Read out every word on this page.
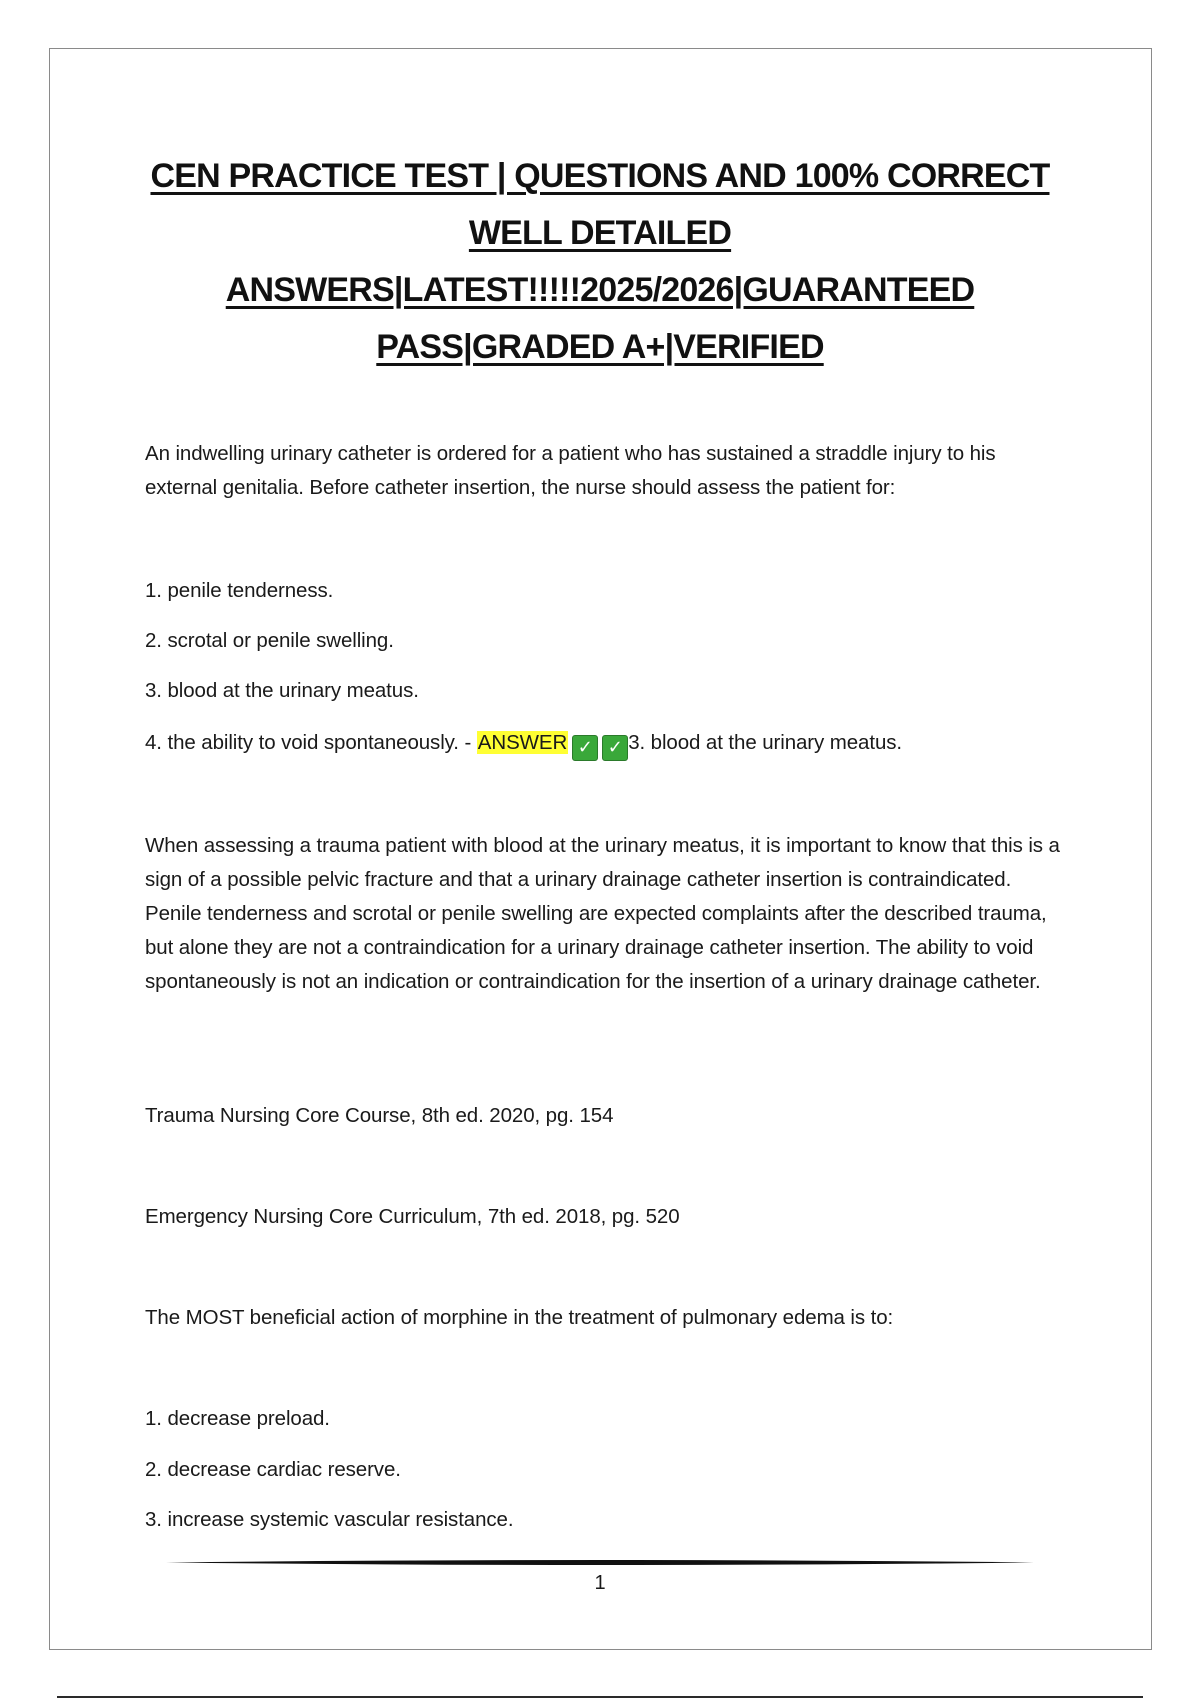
CEN PRACTICE TEST | QUESTIONS AND 100% CORRECT
WELL DETAILED
ANSWERS|LATEST!!!!!2025/2026|GUARANTEED
PASS|GRADED A+|VERIFIED

An indwelling urinary catheter is ordered for a patient who has sustained a straddle injury to his external genitalia. Before catheter insertion, the nurse should assess the patient for:

1. penile tenderness.
2. scrotal or penile swelling.
3. blood at the urinary meatus.
4. the ability to void spontaneously. - ANSWER ✓ ✓ 3. blood at the urinary meatus.

When assessing a trauma patient with blood at the urinary meatus, it is important to know that this is a sign of a possible pelvic fracture and that a urinary drainage catheter insertion is contraindicated. Penile tenderness and scrotal or penile swelling are expected complaints after the described trauma, but alone they are not a contraindication for a urinary drainage catheter insertion. The ability to void spontaneously is not an indication or contraindication for the insertion of a urinary drainage catheter.

Trauma Nursing Core Course, 8th ed. 2020, pg. 154
Emergency Nursing Core Curriculum, 7th ed. 2018, pg. 520
The MOST beneficial action of morphine in the treatment of pulmonary edema is to:
1. decrease preload.
2. decrease cardiac reserve.
3. increase systemic vascular resistance.
1
